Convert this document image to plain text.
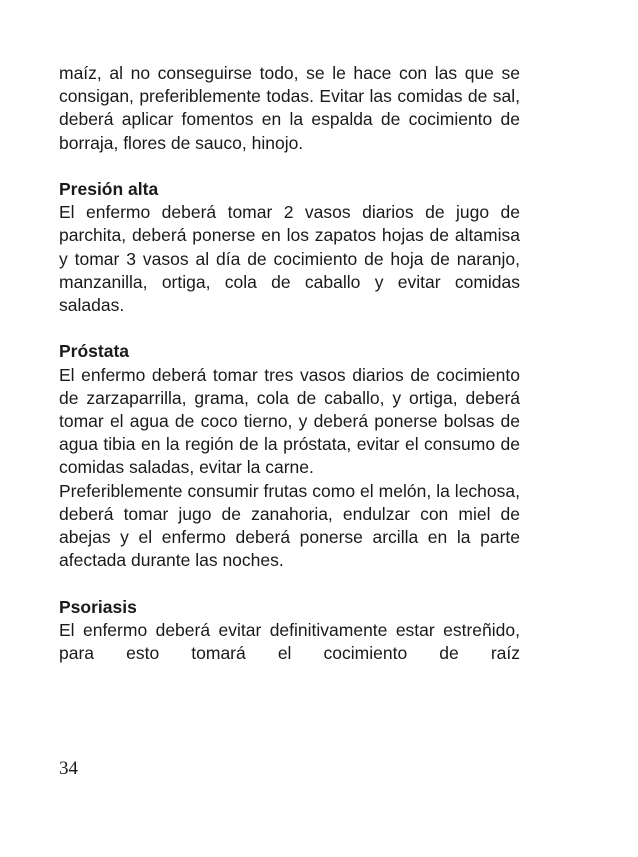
maíz, al no conseguirse todo, se le hace con las que se consigan, preferiblemente todas. Evitar las comidas de sal, deberá aplicar fomentos en la espalda de cocimiento de borraja, flores de sauco, hinojo.

Presión alta

El enfermo deberá tomar 2 vasos diarios de jugo de parchita, deberá ponerse en los zapatos hojas de altamisa y tomar 3 vasos al día de cocimiento de hoja de naranjo, manzanilla, ortiga, cola de caballo y evitar comidas saladas.

Próstata

El enfermo deberá tomar tres vasos diarios de cocimiento de zarzaparrilla, grama, cola de caballo, y ortiga, deberá tomar el agua de coco tierno, y deberá ponerse bolsas de agua tibia en la región de la próstata, evitar el consumo de comidas saladas, evitar la carne.

Preferiblemente consumir frutas como el melón, la lechosa, deberá tomar jugo de zanahoria, endulzar con miel de abejas y el enfermo deberá ponerse arcilla en la parte afectada durante las noches.

Psoriasis

El enfermo deberá evitar definitivamente estar estreñido, para esto tomará el cocimiento de raíz

34
